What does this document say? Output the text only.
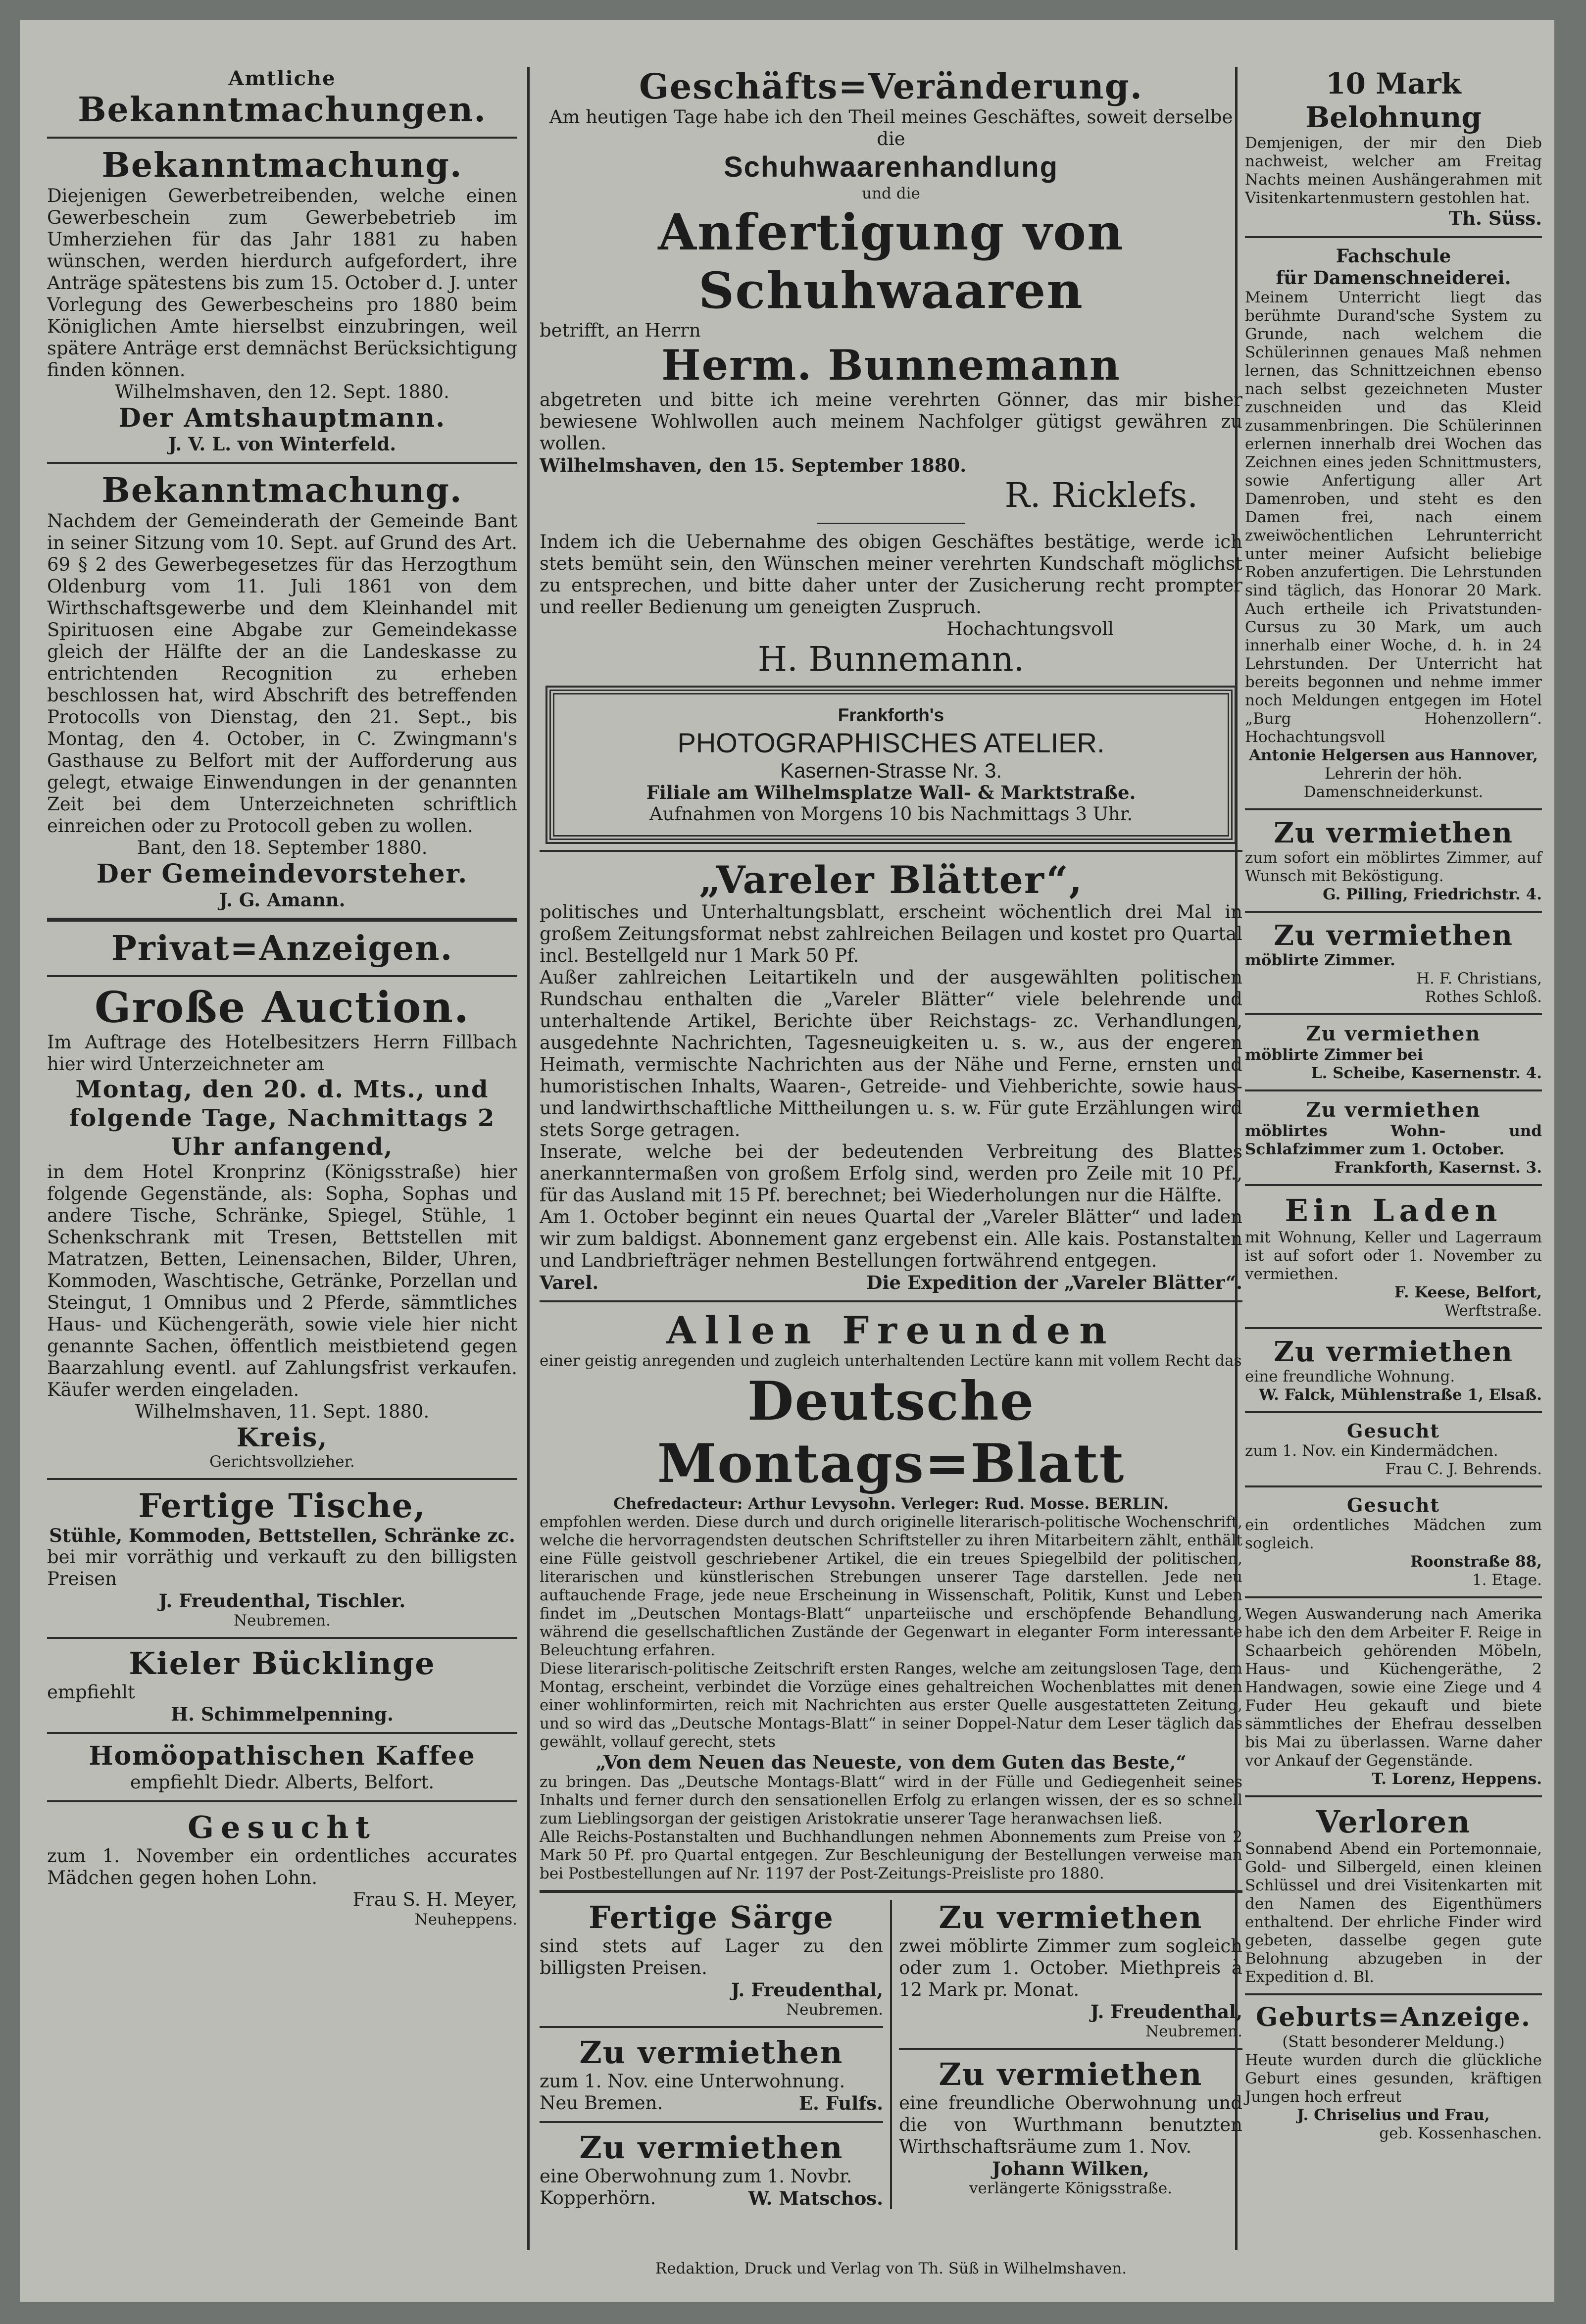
Amtliche
Bekanntmachungen.
Bekanntmachung.

Diejenigen Gewerbetreibenden, welche einen Gewerbeschein zum Gewerbebetrieb im Umherziehen für das Jahr 1881 zu haben wünschen, werden hierdurch aufgefordert, ihre Anträge spätestens bis zum 15. October d. J. unter Vorlegung des Gewerbescheins pro 1880 beim Königlichen Amte hierselbst einzubringen, weil spätere Anträge erst demnächst Berücksichtigung finden können.

Wilhelmshaven, den 12. Sept. 1880.

Der Amtshauptmann.

J. V. L. von Winterfeld.

Bekanntmachung.

Nachdem der Gemeinderath der Gemeinde Bant in seiner Sitzung vom 10. Sept. auf Grund des Art. 69 § 2 des Gewerbegesetzes für das Herzogthum Oldenburg vom 11. Juli 1861 von dem Wirthschaftsgewerbe und dem Kleinhandel mit Spirituosen eine Abgabe zur Gemeindekasse gleich der Hälfte der an die Landeskasse zu entrichtenden Recognition zu erheben beschlossen hat, wird Abschrift des betreffenden Protocolls von Dienstag, den 21. Sept., bis Montag, den 4. October, in C. Zwingmann's Gasthause zu Belfort mit der Aufforderung aus gelegt, etwaige Einwendungen in der genannten Zeit bei dem Unterzeichneten schriftlich einreichen oder zu Protocoll geben zu wollen.

Bant, den 18. September 1880.

Der Gemeindevorsteher.

J. G. Amann.

Privat=Anzeigen.
Große Auction.

Im Auftrage des Hotelbesitzers Herrn Fillbach hier wird Unterzeichneter am

Montag, den 20. d. Mts., und folgende Tage, Nachmittags 2 Uhr anfangend,

in dem Hotel Kronprinz (Königsstraße) hier folgende Gegenstände, als: Sopha, Sophas und andere Tische, Schränke, Spiegel, Stühle, 1 Schenkschrank mit Tresen, Bettstellen mit Matratzen, Betten, Leinensachen, Bilder, Uhren, Kommoden, Waschtische, Getränke, Porzellan und Steingut, 1 Omnibus und 2 Pferde, sämmtliches Haus- und Küchengeräth, sowie viele hier nicht genannte Sachen, öffentlich meistbietend gegen Baarzahlung eventl. auf Zahlungsfrist verkaufen. Käufer werden eingeladen.

Wilhelmshaven, 11. Sept. 1880.

Kreis,

Gerichtsvollzieher.

Fertige Tische,

Stühle, Kommoden, Bettstellen, Schränke zc.

bei mir vorräthig und verkauft zu den billigsten Preisen

J. Freudenthal, Tischler.

Neubremen.

Kieler Bücklinge

empfiehlt

H. Schimmelpenning.

Homöopathischen Kaffee

empfiehlt Diedr. Alberts, Belfort.

Gesucht

zum 1. November ein ordentliches accurates Mädchen gegen hohen Lohn.

Frau S. H. Meyer,

Neuheppens.

Geschäfts=Veränderung.

Am heutigen Tage habe ich den Theil meines Geschäftes, soweit derselbe die

Schuhwaarenhandlung

und die

Anfertigung von Schuhwaaren

betrifft, an Herrn

Herm. Bunnemann

abgetreten und bitte ich meine verehrten Gönner, das mir bisher bewiesene Wohlwollen auch meinem Nachfolger gütigst gewähren zu wollen.

Wilhelmshaven, den 15. September 1880.

R. Ricklefs.

Indem ich die Uebernahme des obigen Geschäftes bestätige, werde ich stets bemüht sein, den Wünschen meiner verehrten Kundschaft möglichst zu entsprechen, und bitte daher unter der Zusicherung recht prompter und reeller Bedienung um geneigten Zuspruch.

Hochachtungsvoll

H. Bunnemann.

Frankforth's

PHOTOGRAPHISCHES ATELIER.

Kasernen-Strasse Nr. 3.

Filiale am Wilhelmsplatze Wall- & Marktstraße.

Aufnahmen von Morgens 10 bis Nachmittags 3 Uhr.

„Vareler Blätter“,

politisches und Unterhaltungsblatt, erscheint wöchentlich drei Mal in großem Zeitungsformat nebst zahlreichen Beilagen und kostet pro Quartal incl. Bestellgeld nur 1 Mark 50 Pf.

Außer zahlreichen Leitartikeln und der ausgewählten politischen Rundschau enthalten die „Vareler Blätter“ viele belehrende und unterhaltende Artikel, Berichte über Reichstags- zc. Verhandlungen, ausgedehnte Nachrichten, Tagesneuigkeiten u. s. w., aus der engeren Heimath, vermischte Nachrichten aus der Nähe und Ferne, ernsten und humoristischen Inhalts, Waaren-, Getreide- und Viehberichte, sowie haus- und landwirthschaftliche Mittheilungen u. s. w. Für gute Erzählungen wird stets Sorge getragen.

Inserate, welche bei der bedeutenden Verbreitung des Blattes anerkanntermaßen von großem Erfolg sind, werden pro Zeile mit 10 Pf., für das Ausland mit 15 Pf. berechnet; bei Wiederholungen nur die Hälfte.

Am 1. October beginnt ein neues Quartal der „Vareler Blätter“ und laden wir zum baldigst. Abonnement ganz ergebenst ein. Alle kais. Postanstalten und Landbriefträger nehmen Bestellungen fortwährend entgegen.

Varel.	Die Expedition der „Vareler Blätter“.
Allen Freunden

einer geistig anregenden und zugleich unterhaltenden Lectüre kann mit vollem Recht das

Deutsche Montags=Blatt

Chefredacteur: Arthur Levysohn. Verleger: Rud. Mosse. BERLIN.

empfohlen werden. Diese durch und durch originelle literarisch-politische Wochenschrift, welche die hervorragendsten deutschen Schriftsteller zu ihren Mitarbeitern zählt, enthält eine Fülle geistvoll geschriebener Artikel, die ein treues Spiegelbild der politischen, literarischen und künstlerischen Strebungen unserer Tage darstellen. Jede neu auftauchende Frage, jede neue Erscheinung in Wissenschaft, Politik, Kunst und Leben findet im „Deutschen Montags-Blatt“ unparteiische und erschöpfende Behandlung, während die gesellschaftlichen Zustände der Gegenwart in eleganter Form interessante Beleuchtung erfahren.

Diese literarisch-politische Zeitschrift ersten Ranges, welche am zeitungslosen Tage, dem Montag, erscheint, verbindet die Vorzüge eines gehaltreichen Wochenblattes mit denen einer wohlinformirten, reich mit Nachrichten aus erster Quelle ausgestatteten Zeitung, und so wird das „Deutsche Montags-Blatt“ in seiner Doppel-Natur dem Leser täglich das gewählt, vollauf gerecht, stets

„Von dem Neuen das Neueste, von dem Guten das Beste,“

zu bringen. Das „Deutsche Montags-Blatt“ wird in der Fülle und Gediegenheit seines Inhalts und ferner durch den sensationellen Erfolg zu erlangen wissen, der es so schnell zum Lieblingsorgan der geistigen Aristokratie unserer Tage heranwachsen ließ.

Alle Reichs-Postanstalten und Buchhandlungen nehmen Abonnements zum Preise von 2 Mark 50 Pf. pro Quartal entgegen. Zur Beschleunigung der Bestellungen verweise man bei Postbestellungen auf Nr. 1197 der Post-Zeitungs-Preisliste pro 1880.

Fertige Särge

sind stets auf Lager zu den billigsten Preisen.

J. Freudenthal,

Neubremen.

Zu vermiethen

zum 1. Nov. eine Unterwohnung.

Neu Bremen.	E. Fulfs.
Zu vermiethen

eine Oberwohnung zum 1. Novbr.

Kopperhörn.	W. Matschos.
Zu vermiethen

zwei möblirte Zimmer zum sogleich oder zum 1. October. Miethpreis à 12 Mark pr. Monat.

J. Freudenthal,

Neubremen.

Zu vermiethen

eine freundliche Oberwohnung und die von Wurthmann benutzten Wirthschaftsräume zum 1. Nov.

Johann Wilken,

verlängerte Königsstraße.

10 Mark Belohnung

Demjenigen, der mir den Dieb nachweist, welcher am Freitag Nachts meinen Aushängerahmen mit Visitenkartenmustern gestohlen hat.

Th. Süss.

Fachschule

für Damenschneiderei.

Meinem Unterricht liegt das berühmte Durand'sche System zu Grunde, nach welchem die Schülerinnen genaues Maß nehmen lernen, das Schnittzeichnen ebenso nach selbst gezeichneten Muster zuschneiden und das Kleid zusammenbringen. Die Schülerinnen erlernen innerhalb drei Wochen das Zeichnen eines jeden Schnittmusters, sowie Anfertigung aller Art Damenroben, und steht es den Damen frei, nach einem zweiwöchentlichen Lehrunterricht unter meiner Aufsicht beliebige Roben anzufertigen. Die Lehrstunden sind täglich, das Honorar 20 Mark. Auch ertheile ich Privatstunden-Cursus zu 30 Mark, um auch innerhalb einer Woche, d. h. in 24 Lehrstunden. Der Unterricht hat bereits begonnen und nehme immer noch Meldungen entgegen im Hotel „Burg Hohenzollern“. Hochachtungsvoll

Antonie Helgersen aus Hannover,

Lehrerin der höh. Damenschneiderkunst.

Zu vermiethen

zum sofort ein möblirtes Zimmer, auf Wunsch mit Beköstigung.

G. Pilling, Friedrichstr. 4.

Zu vermiethen

möblirte Zimmer.

H. F. Christians,

Rothes Schloß.

Zu vermiethen

möblirte Zimmer bei

L. Scheibe, Kasernenstr. 4.

Zu vermiethen

möblirtes Wohn- und Schlafzimmer zum 1. October.

Frankforth, Kasernst. 3.

Ein Laden

mit Wohnung, Keller und Lagerraum ist auf sofort oder 1. November zu vermiethen.

F. Keese, Belfort,

Werftstraße.

Zu vermiethen

eine freundliche Wohnung.

W. Falck, Mühlenstraße 1, Elsaß.

Gesucht

zum 1. Nov. ein Kindermädchen.

Frau C. J. Behrends.

Gesucht

ein ordentliches Mädchen zum sogleich.

Roonstraße 88,

1. Etage.

Wegen Auswanderung nach Amerika habe ich den dem Arbeiter F. Reige in Schaarbeich gehörenden Möbeln, Haus- und Küchengeräthe, 2 Handwagen, sowie eine Ziege und 4 Fuder Heu gekauft und biete sämmtliches der Ehefrau desselben bis Mai zu überlassen. Warne daher vor Ankauf der Gegenstände.

T. Lorenz, Heppens.

Verloren

Sonnabend Abend ein Portemonnaie, Gold- und Silbergeld, einen kleinen Schlüssel und drei Visitenkarten mit den Namen des Eigenthümers enthaltend. Der ehrliche Finder wird gebeten, dasselbe gegen gute Belohnung abzugeben in der Expedition d. Bl.

Geburts=Anzeige.

(Statt besonderer Meldung.)

Heute wurden durch die glückliche Geburt eines gesunden, kräftigen Jungen hoch erfreut

J. Chriselius und Frau,

geb. Kossenhaschen.

Redaktion, Druck und Verlag von Th. Süß in Wilhelmshaven.
